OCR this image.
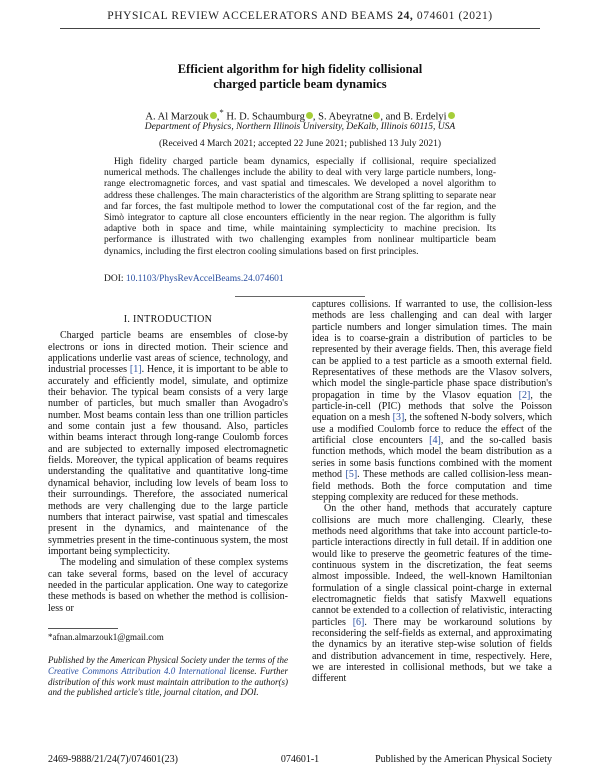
PHYSICAL REVIEW ACCELERATORS AND BEAMS 24, 074601 (2021)
Efficient algorithm for high fidelity collisional
charged particle beam dynamics
A. Al Marzouk ,* H. D. Schaumburg , S. Abeyratne , and B. Erdelyi
Department of Physics, Northern Illinois University, DeKalb, Illinois 60115, USA
(Received 4 March 2021; accepted 22 June 2021; published 13 July 2021)

High fidelity charged particle beam dynamics, especially if collisional, require specialized numerical methods. The challenges include the ability to deal with very large particle numbers, long-range electromagnetic forces, and vast spatial and timescales. We developed a novel algorithm to address these challenges. The main characteristics of the algorithm are Strang splitting to separate near and far forces, the fast multipole method to lower the computational cost of the far region, and the Simò integrator to capture all close encounters efficiently in the near region. The algorithm is fully adaptive both in space and time, while maintaining symplecticity to machine precision. Its performance is illustrated with two challenging examples from nonlinear multiparticle beam dynamics, including the first electron cooling simulations based on first principles.

DOI: 10.1103/PhysRevAccelBeams.24.074601
I. INTRODUCTION

Charged particle beams are ensembles of close-by electrons or ions in directed motion. Their science and applications underlie vast areas of science, technology, and industrial processes [1]. Hence, it is important to be able to accurately and efficiently model, simulate, and optimize their behavior. The typical beam consists of a very large number of particles, but much smaller than Avogadro's number. Most beams contain less than one trillion particles and some contain just a few thousand. Also, particles within beams interact through long-range Coulomb forces and are subjected to externally imposed electromagnetic fields. Moreover, the typical application of beams requires understanding the qualitative and quantitative long-time dynamical behavior, including low levels of beam loss to their surroundings. Therefore, the associated numerical methods are very challenging due to the large particle numbers that interact pairwise, vast spatial and timescales present in the dynamics, and maintenance of the symmetries present in the time-continuous system, the most important being symplecticity.

The modeling and simulation of these complex systems can take several forms, based on the level of accuracy needed in the particular application. One way to categorize these methods is based on whether the method is collision-less or

captures collisions. If warranted to use, the collision-less methods are less challenging and can deal with larger particle numbers and longer simulation times. The main idea is to coarse-grain a distribution of particles to be represented by their average fields. Then, this average field can be applied to a test particle as a smooth external field. Representatives of these methods are the Vlasov solvers, which model the single-particle phase space distribution's propagation in time by the Vlasov equation [2], the particle-in-cell (PIC) methods that solve the Poisson equation on a mesh [3], the softened N-body solvers, which use a modified Coulomb force to reduce the effect of the artificial close encounters [4], and the so-called basis function methods, which model the beam distribution as a series in some basis functions combined with the moment method [5]. These methods are called collision-less mean-field methods. Both the force computation and time stepping complexity are reduced for these methods.

On the other hand, methods that accurately capture collisions are much more challenging. Clearly, these methods need algorithms that take into account particle-to-particle interactions directly in full detail. If in addition one would like to preserve the geometric features of the time-continuous system in the discretization, the feat seems almost impossible. Indeed, the well-known Hamiltonian formulation of a single classical point-charge in external electromagnetic fields that satisfy Maxwell equations cannot be extended to a collection of relativistic, interacting particles [6]. There may be workaround solutions by reconsidering the self-fields as external, and approximating the dynamics by an iterative step-wise solution of fields and distribution advancement in time, respectively. Here, we are interested in collisional methods, but we take a different

*afnan.almarzouk1@gmail.com
Published by the American Physical Society under the terms of the Creative Commons Attribution 4.0 International license. Further distribution of this work must maintain attribution to the author(s) and the published article's title, journal citation, and DOI.
2469-9888/21/24(7)/074601(23)	074601-1	Published by the American Physical Society
